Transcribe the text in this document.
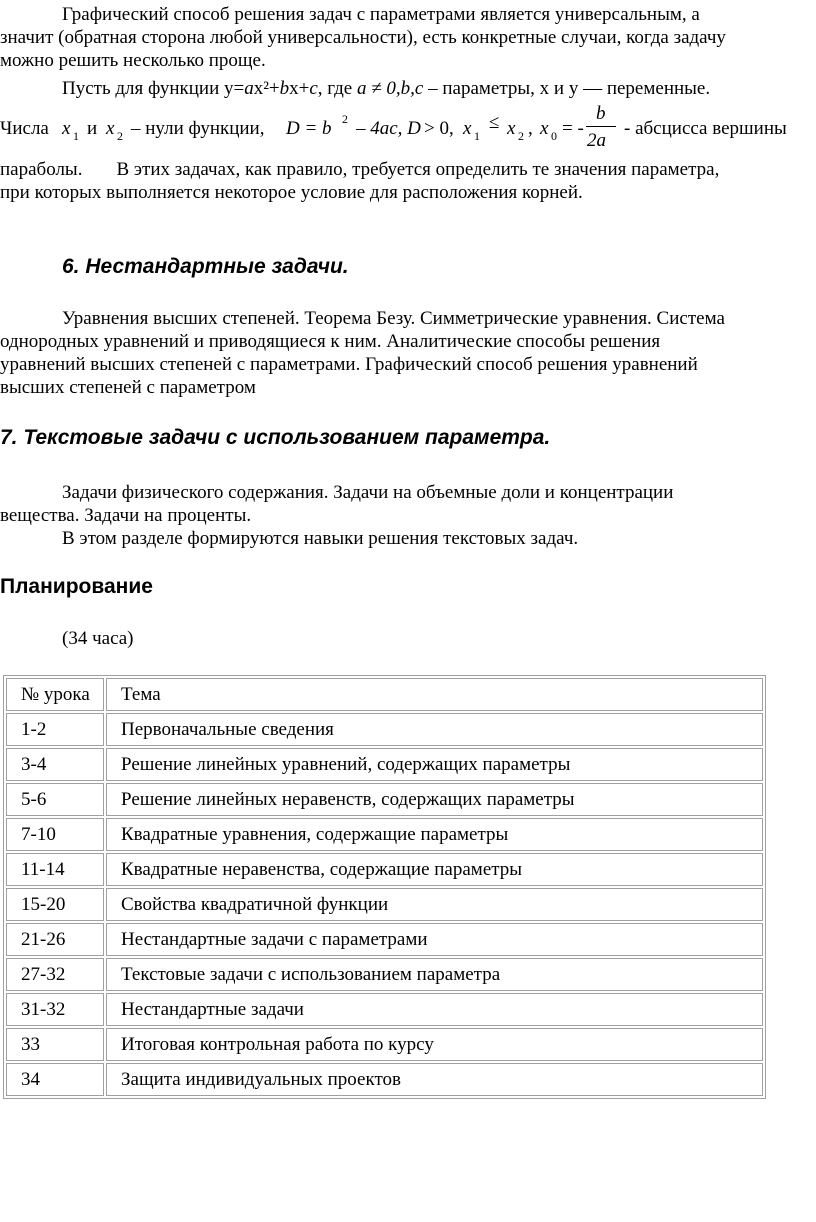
Графический способ решения задач с параметрами является универсальным, а

значит (обратная сторона любой универсальности), есть конкретные случаи, когда задачу

можно решить несколько проще.

Пусть для функции y=ax²+bx+c, где a ≠ 0,b,c – параметры, x и y — переменные.

Числа x 1 и x 2 – нули функции, D = b 2 – 4ac, D > 0, x 1
≤ x 2 , x 0 = -
b
2a
- абсцисса вершины

параболы. В этих задачах, как правило, требуется определить те значения параметра,

при которых выполняется некоторое условие для расположения корней.

6. Нестандартные задачи.

Уравнения высших степеней. Теорема Безу. Симметрические уравнения. Система

однородных уравнений и приводящиеся к ним. Аналитические способы решения

уравнений высших степеней с параметрами. Графический способ решения уравнений

высших степеней с параметром

7. Текстовые задачи с использованием параметра.

Задачи физического содержания. Задачи на объемные доли и концентрации

вещества. Задачи на проценты.

В этом разделе формируются навыки решения текстовых задач.

Планирование

(34 часа)

№ урока	Тема
1-2	Первоначальные сведения
3-4	Решение линейных уравнений, содержащих параметры
5-6	Решение линейных неравенств, содержащих параметры
7-10	Квадратные уравнения, содержащие параметры
11-14	Квадратные неравенства, содержащие параметры
15-20	Свойства квадратичной функции
21-26	Нестандартные задачи с параметрами
27-32	Текстовые задачи с использованием параметра
31-32	Нестандартные задачи
33	Итоговая контрольная работа по курсу
34	Защита индивидуальных проектов
